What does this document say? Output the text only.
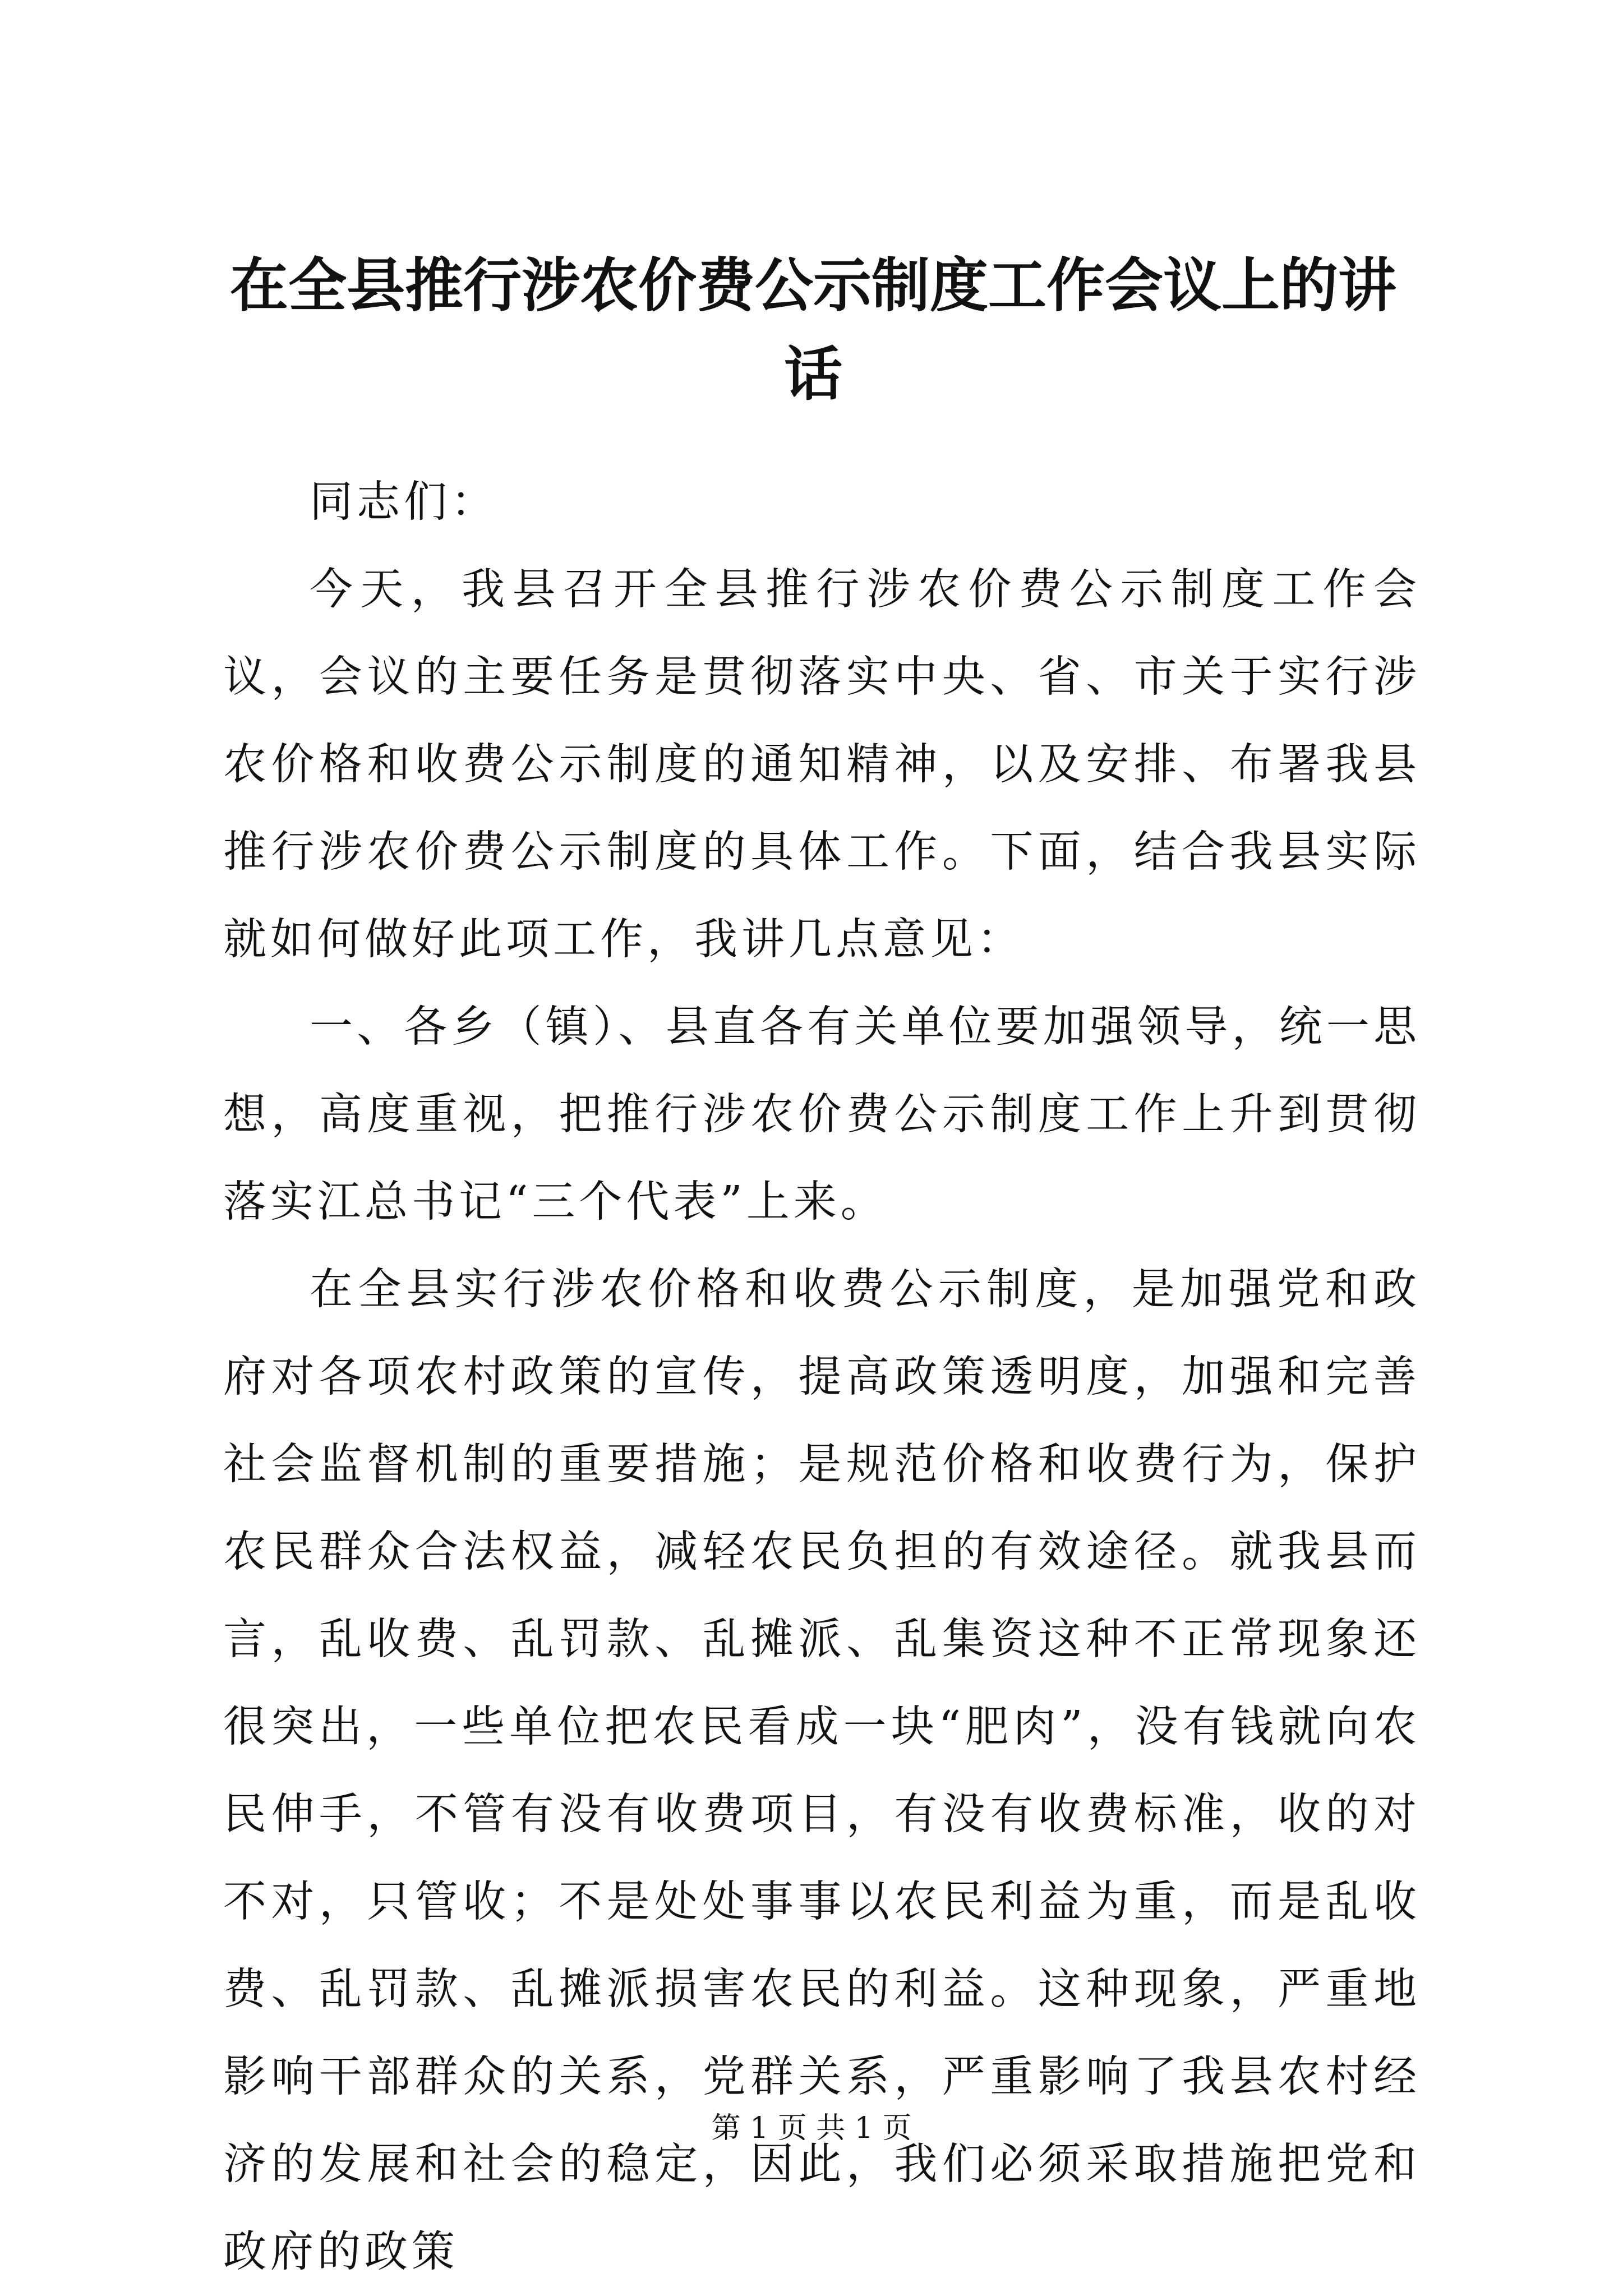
在全县推行涉农价费公示制度工作会议上的讲话

同志们：

今天，我县召开全县推行涉农价费公示制度工作会议，会议的主要任务是贯彻落实中央、省、市关于实行涉农价格和收费公示制度的通知精神，以及安排、布署我县推行涉农价费公示制度的具体工作。下面，结合我县实际就如何做好此项工作，我讲几点意见：

一、各乡（镇）、县直各有关单位要加强领导，统一思想，高度重视，把推行涉农价费公示制度工作上升到贯彻落实江总书记“三个代表”上来。

在全县实行涉农价格和收费公示制度，是加强党和政府对各项农村政策的宣传，提高政策透明度，加强和完善社会监督机制的重要措施；是规范价格和收费行为，保护农民群众合法权益，减轻农民负担的有效途径。就我县而言，乱收费、乱罚款、乱摊派、乱集资这种不正常现象还很突出，一些单位把农民看成一块“肥肉”，没有钱就向农民伸手，不管有没有收费项目，有没有收费标准，收的对不对，只管收；不是处处事事以农民利益为重，而是乱收费、乱罚款、乱摊派损害农民的利益。这种现象，严重地影响干部群众的关系，党群关系，严重影响了我县农村经济的发展和社会的稳定，因此，我们必须采取措施把党和政府的政策

第 1 页 共 1 页
